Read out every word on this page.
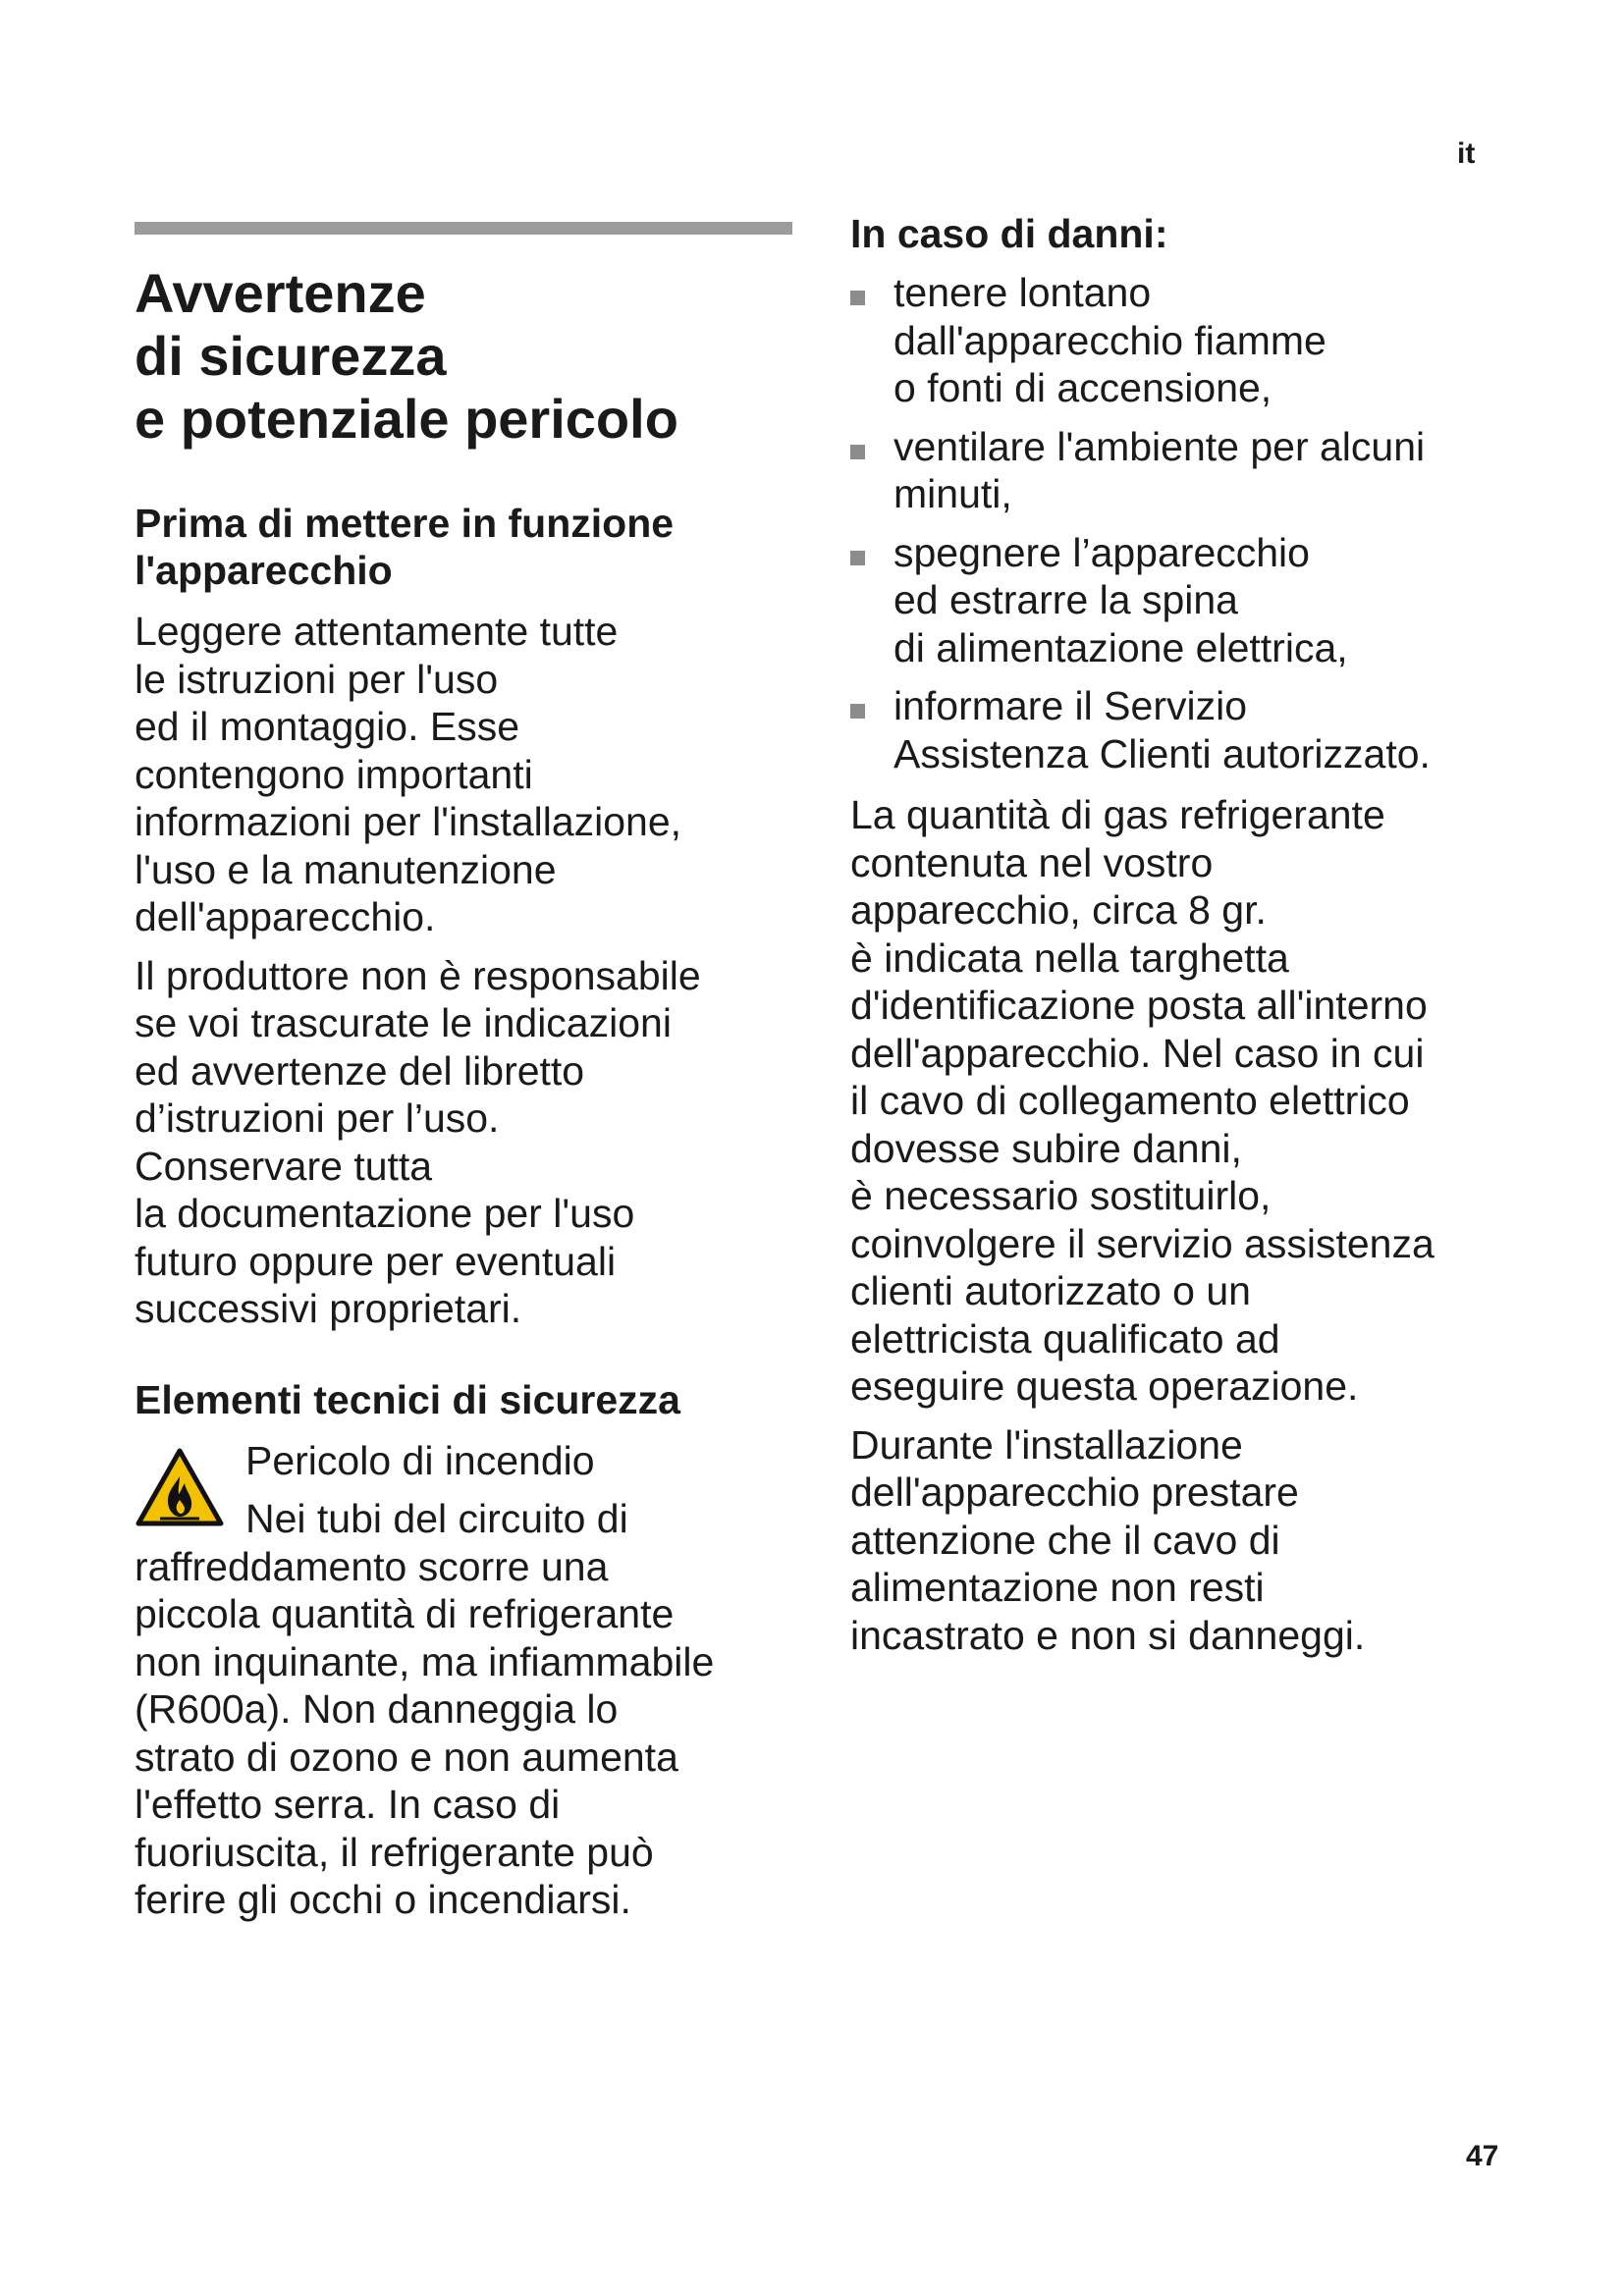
it
Avvertenze
di sicurezza
e potenziale pericolo
Prima di mettere in funzione
l'apparecchio
Leggere attentamente tutte
le istruzioni per l'uso
ed il montaggio. Esse
contengono importanti
informazioni per l'installazione,
l'uso e la manutenzione
dell'apparecchio.
Il produttore non è responsabile
se voi trascurate le indicazioni
ed avvertenze del libretto
d’istruzioni per l’uso.
Conservare tutta
la documentazione per l'uso
futuro oppure per eventuali
successivi proprietari.
Elementi tecnici di sicurezza
Pericolo di incendio
Nei tubi del circuito di
raffreddamento scorre una
piccola quantità di refrigerante
non inquinante, ma infiammabile
(R600a). Non danneggia lo
strato di ozono e non aumenta
l'effetto serra. In caso di
fuoriuscita, il refrigerante può
ferire gli occhi o incendiarsi.
In caso di danni:
tenere lontano
dall'apparecchio fiamme
o fonti di accensione,
ventilare l'ambiente per alcuni
minuti,
spegnere l’apparecchio
ed estrarre la spina
di alimentazione elettrica,
informare il Servizio
Assistenza Clienti autorizzato.
La quantità di gas refrigerante
contenuta nel vostro
apparecchio, circa 8 gr.
è indicata nella targhetta
d'identificazione posta all'interno
dell'apparecchio. Nel caso in cui
il cavo di collegamento elettrico
dovesse subire danni,
è necessario sostituirlo,
coinvolgere il servizio assistenza
clienti autorizzato o un
elettricista qualificato ad
eseguire questa operazione.
Durante l'installazione
dell'apparecchio prestare
attenzione che il cavo di
alimentazione non resti
incastrato e non si danneggi.
47
